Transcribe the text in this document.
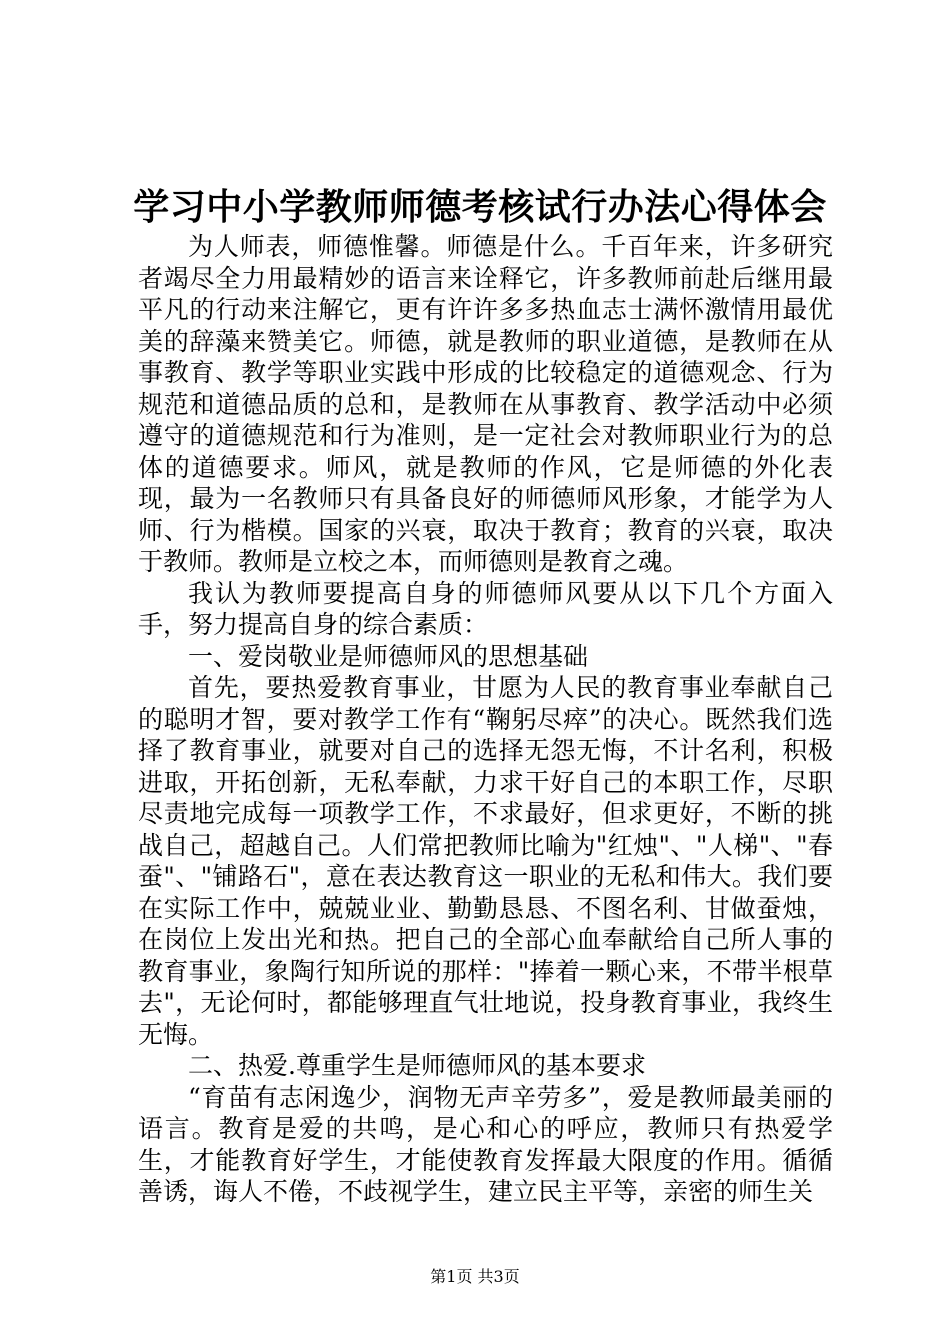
学习中小学教师师德考核试行办法心得体会

为人师表，师德惟馨。师德是什么。千百年来，许多研究者竭尽全力用最精妙的语言来诠释它，许多教师前赴后继用最平凡的行动来注解它，更有许许多多热血志士满怀激情用最优美的辞藻来赞美它。师德，就是教师的职业道德，是教师在从事教育、教学等职业实践中形成的比较稳定的道德观念、行为规范和道德品质的总和，是教师在从事教育、教学活动中必须遵守的道德规范和行为准则，是一定社会对教师职业行为的总体的道德要求。师风，就是教师的作风，它是师德的外化表现，最为一名教师只有具备良好的师德师风形象，才能学为人师、行为楷模。国家的兴衰，取决于教育；教育的兴衰，取决于教师。教师是立校之本，而师德则是教育之魂。

我认为教师要提高自身的师德师风要从以下几个方面入手，努力提高自身的综合素质：

一、爱岗敬业是师德师风的思想基础

首先，要热爱教育事业，甘愿为人民的教育事业奉献自己的聪明才智，要对教学工作有“鞠躬尽瘁”的决心。既然我们选择了教育事业，就要对自己的选择无怨无悔，不计名利，积极进取，开拓创新，无私奉献，力求干好自己的本职工作，尽职尽责地完成每一项教学工作，不求最好，但求更好，不断的挑战自己，超越自己。人们常把教师比喻为"红烛"、"人梯"、"春蚕"、"铺路石"，意在表达教育这一职业的无私和伟大。我们要在实际工作中，兢兢业业、勤勤恳恳、不图名利、甘做蚕烛，在岗位上发出光和热。把自己的全部心血奉献给自己所人事的教育事业，象陶行知所说的那样："捧着一颗心来，不带半根草去"，无论何时，都能够理直气壮地说，投身教育事业，我终生无悔。

二、热爱.尊重学生是师德师风的基本要求

“育苗有志闲逸少，润物无声辛劳多”，爱是教师最美丽的语言。教育是爱的共鸣，是心和心的呼应，教师只有热爱学生，才能教育好学生，才能使教育发挥最大限度的作用。循循善诱，诲人不倦，不歧视学生，建立民主平等，亲密的师生关

第1页 共3页
